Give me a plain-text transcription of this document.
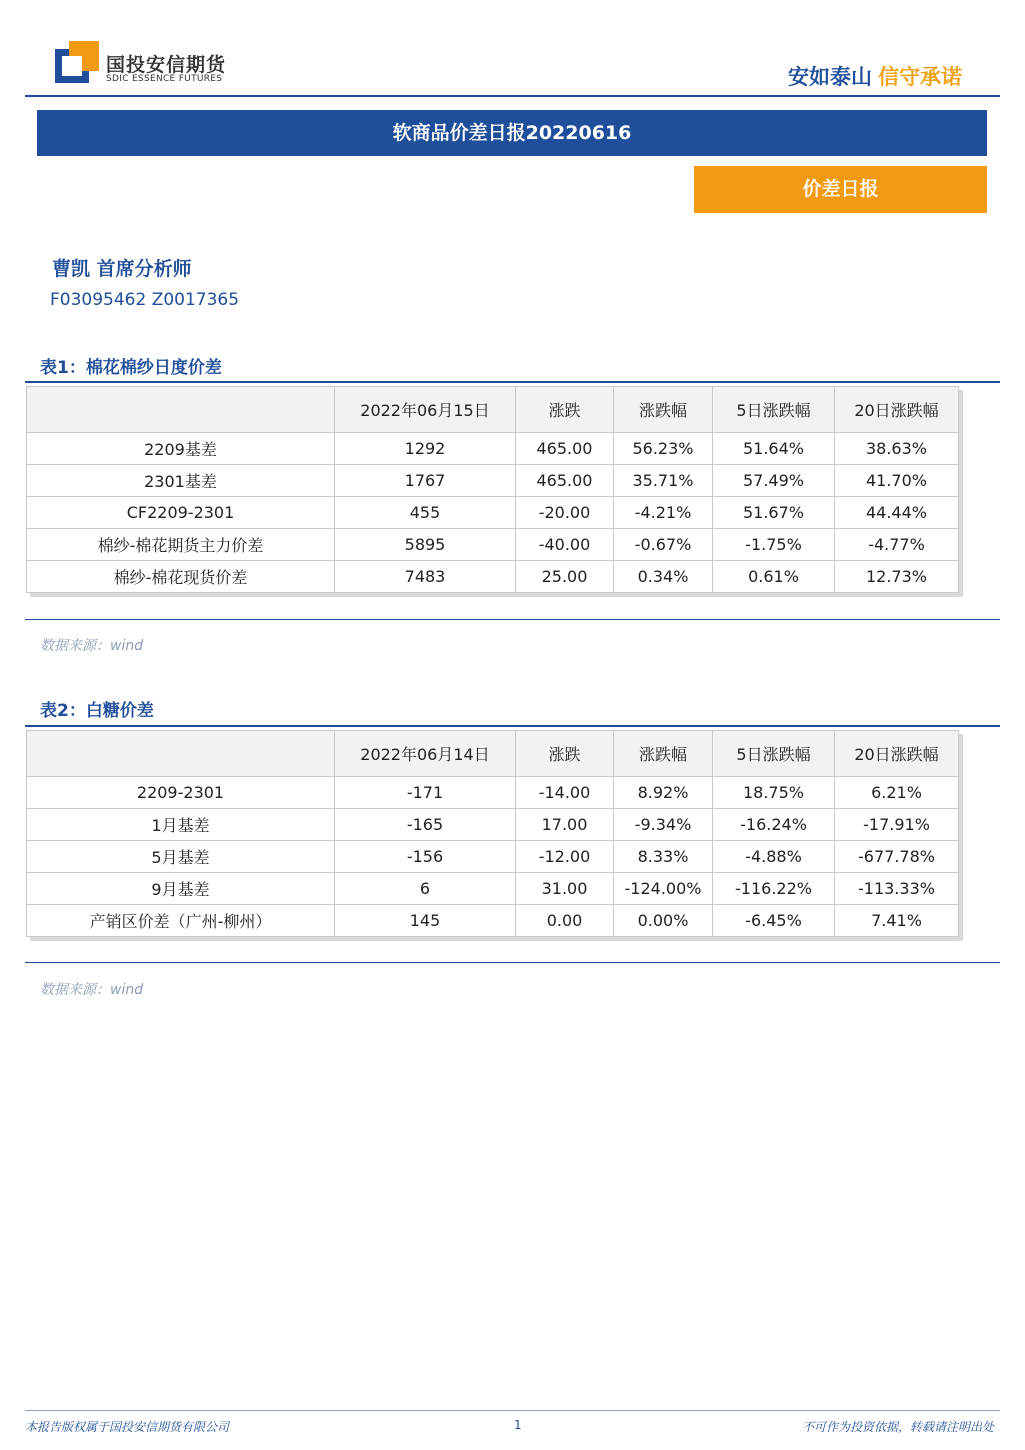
国投安信期货
SDIC ESSENCE FUTURES	安如泰山 信守承诺
软商品价差日报20220616
价差日报
曹凯 首席分析师
F03095462 Z0017365
表1：棉花棉纱日度价差
	2022年06月15日	涨跌	涨跌幅	5日涨跌幅	20日涨跌幅
2209基差	1292	465.00	56.23%	51.64%	38.63%
2301基差	1767	465.00	35.71%	57.49%	41.70%
CF2209-2301	455	-20.00	-4.21%	51.67%	44.44%
棉纱-棉花期货主力价差	5895	-40.00	-0.67%	-1.75%	-4.77%
棉纱-棉花现货价差	7483	25.00	0.34%	0.61%	12.73%
数据来源：wind
表2：白糖价差
	2022年06月14日	涨跌	涨跌幅	5日涨跌幅	20日涨跌幅
2209-2301	-171	-14.00	8.92%	18.75%	6.21%
1月基差	-165	17.00	-9.34%	-16.24%	-17.91%
5月基差	-156	-12.00	8.33%	-4.88%	-677.78%
9月基差	6	31.00	-124.00%	-116.22%	-113.33%
产销区价差（广州-柳州）	145	0.00	0.00%	-6.45%	7.41%
数据来源：wind
本报告版权属于国投安信期货有限公司	1	不可作为投资依据，转载请注明出处
